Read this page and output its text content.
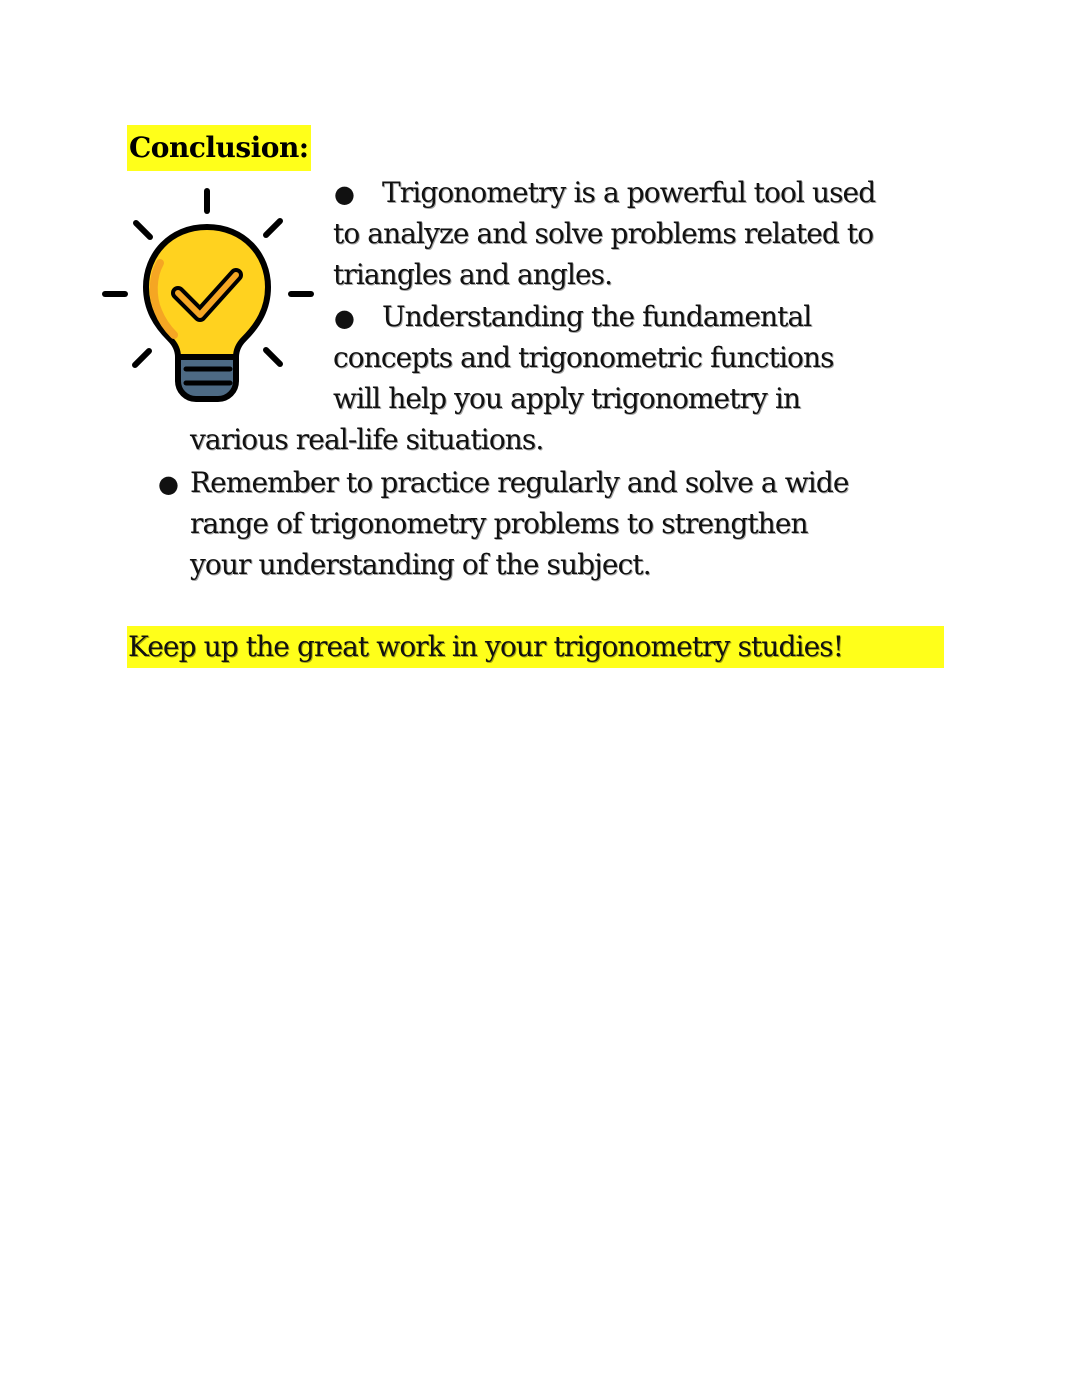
Conclusion:
● Trigonometry is a powerful tool used
to analyze and solve problems related to
triangles and angles.
● Understanding the fundamental
concepts and trigonometric functions
will help you apply trigonometry in
various real-life situations.
● Remember to practice regularly and solve a wide
range of trigonometry problems to strengthen
your understanding of the subject.
Keep up the great work in your trigonometry studies!
